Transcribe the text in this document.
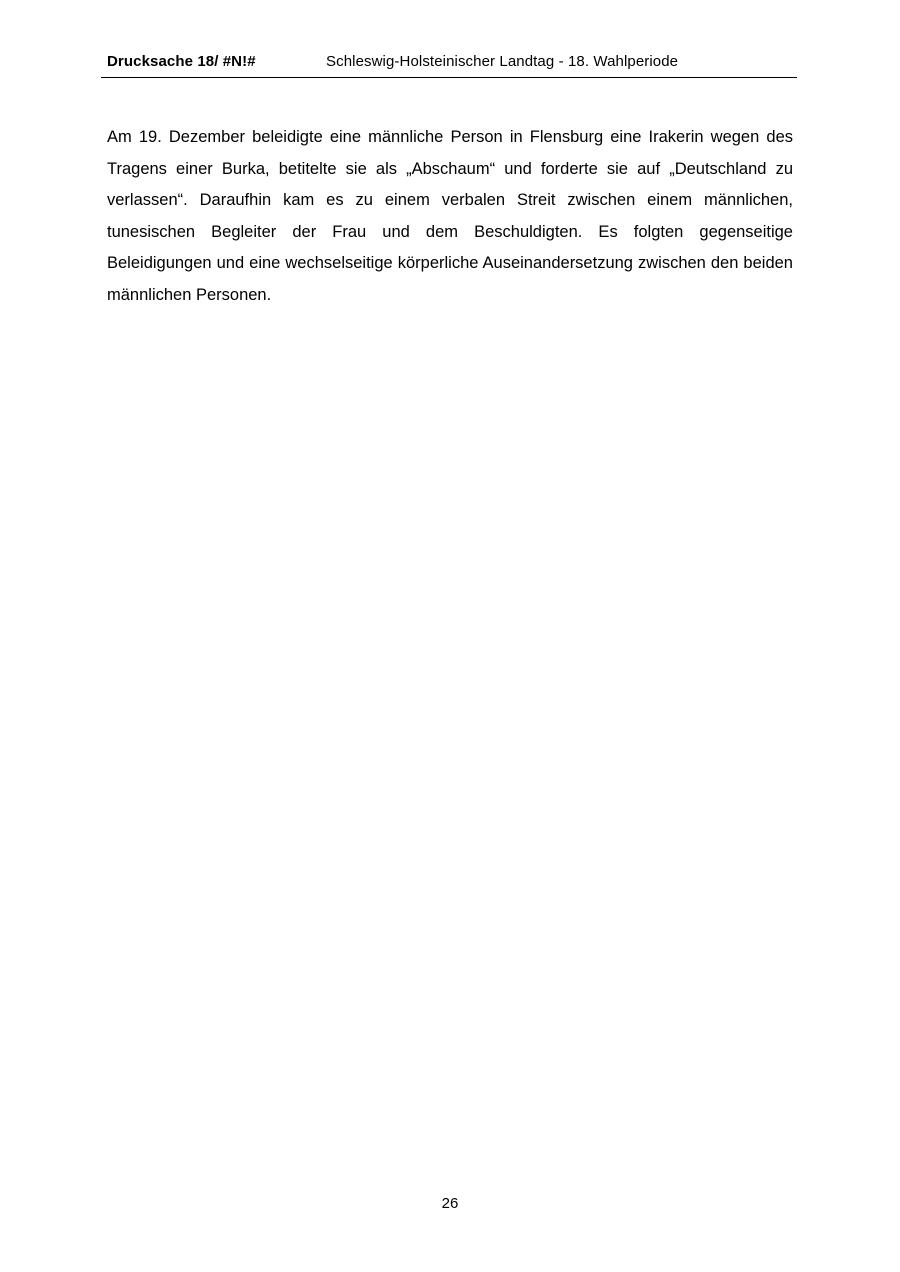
Drucksache 18/ #N!#	Schleswig-Holsteinischer Landtag - 18. Wahlperiode

Am 19. Dezember beleidigte eine männliche Person in Flensburg eine Irakerin wegen des Tragens einer Burka, betitelte sie als „Abschaum“ und forderte sie auf „Deutschland zu verlassen“. Daraufhin kam es zu einem verbalen Streit zwischen einem männlichen, tunesischen Begleiter der Frau und dem Beschuldigten. Es folgten gegenseitige Beleidigungen und eine wechselseitige körperliche Auseinandersetzung zwischen den beiden männlichen Personen.

26
